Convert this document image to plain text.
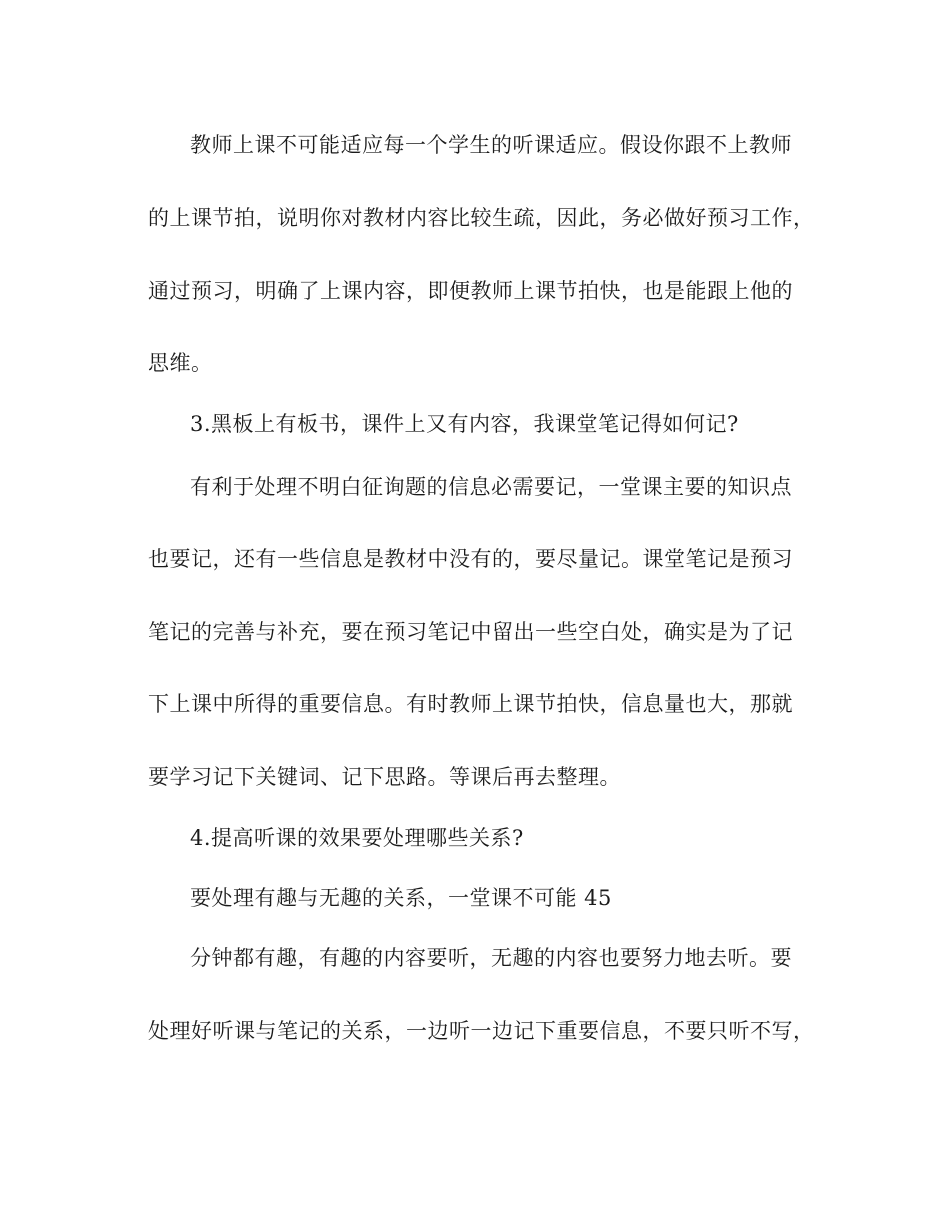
教师上课不可能适应每一个学生的听课适应。假设你跟不上教师
的上课节拍，说明你对教材内容比较生疏，因此，务必做好预习工作，
通过预习，明确了上课内容，即便教师上课节拍快，也是能跟上他的
思维。
3.黑板上有板书，课件上又有内容，我课堂笔记得如何记?
有利于处理不明白征询题的信息必需要记，一堂课主要的知识点
也要记，还有一些信息是教材中没有的，要尽量记。课堂笔记是预习
笔记的完善与补充，要在预习笔记中留出一些空白处，确实是为了记
下上课中所得的重要信息。有时教师上课节拍快，信息量也大，那就
要学习记下关键词、记下思路。等课后再去整理。
4.提高听课的效果要处理哪些关系?
要处理有趣与无趣的关系，一堂课不可能 45
分钟都有趣，有趣的内容要听，无趣的内容也要努力地去听。要
处理好听课与笔记的关系，一边听一边记下重要信息，不要只听不写，
